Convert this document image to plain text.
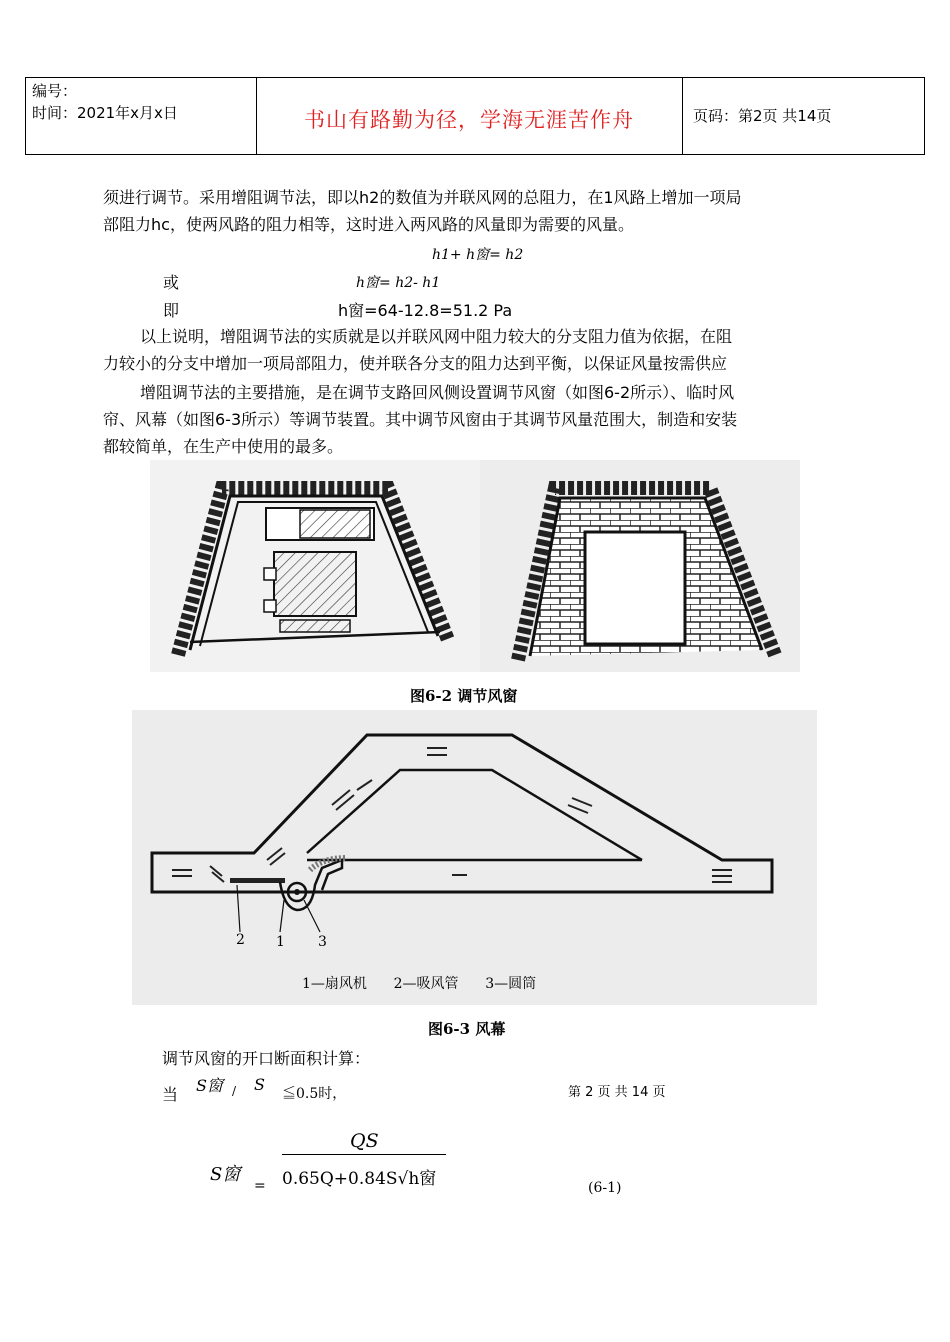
编号：
时间：2021年x月x日	书山有路勤为径，学海无涯苦作舟	页码：第2页 共14页
须进行调节。采用增阻调节法，即以h2的数值为并联风网的总阻力，在1风路上增加一项局
部阻力hc，使两风路的阻力相等，这时进入两风路的风量即为需要的风量。
h1+ h窗= h2
或	h窗= h2- h1
即	h窗=64-12.8=51.2 Pa
以上说明，增阻调节法的实质就是以并联风网中阻力较大的分支阻力值为依据，在阻
力较小的分支中增加一项局部阻力，使并联各分支的阻力达到平衡，以保证风量按需供应
增阻调节法的主要措施，是在调节支路回风侧设置调节风窗（如图6-2所示）、临时风
帘、风幕（如图6-3所示）等调节装置。其中调节风窗由于其调节风量范围大，制造和安装
都较简单，在生产中使用的最多。
图6-2 调节风窗
2 1 3
1—扇风机      2—吸风管      3—圆筒
图6-3 风幕
调节风窗的开口断面积计算：
当 S窗 / S ≦0.5时，	第 2 页 共 14 页
S窗
=
QS
0.65Q+0.84S√h窗	(6-1)
